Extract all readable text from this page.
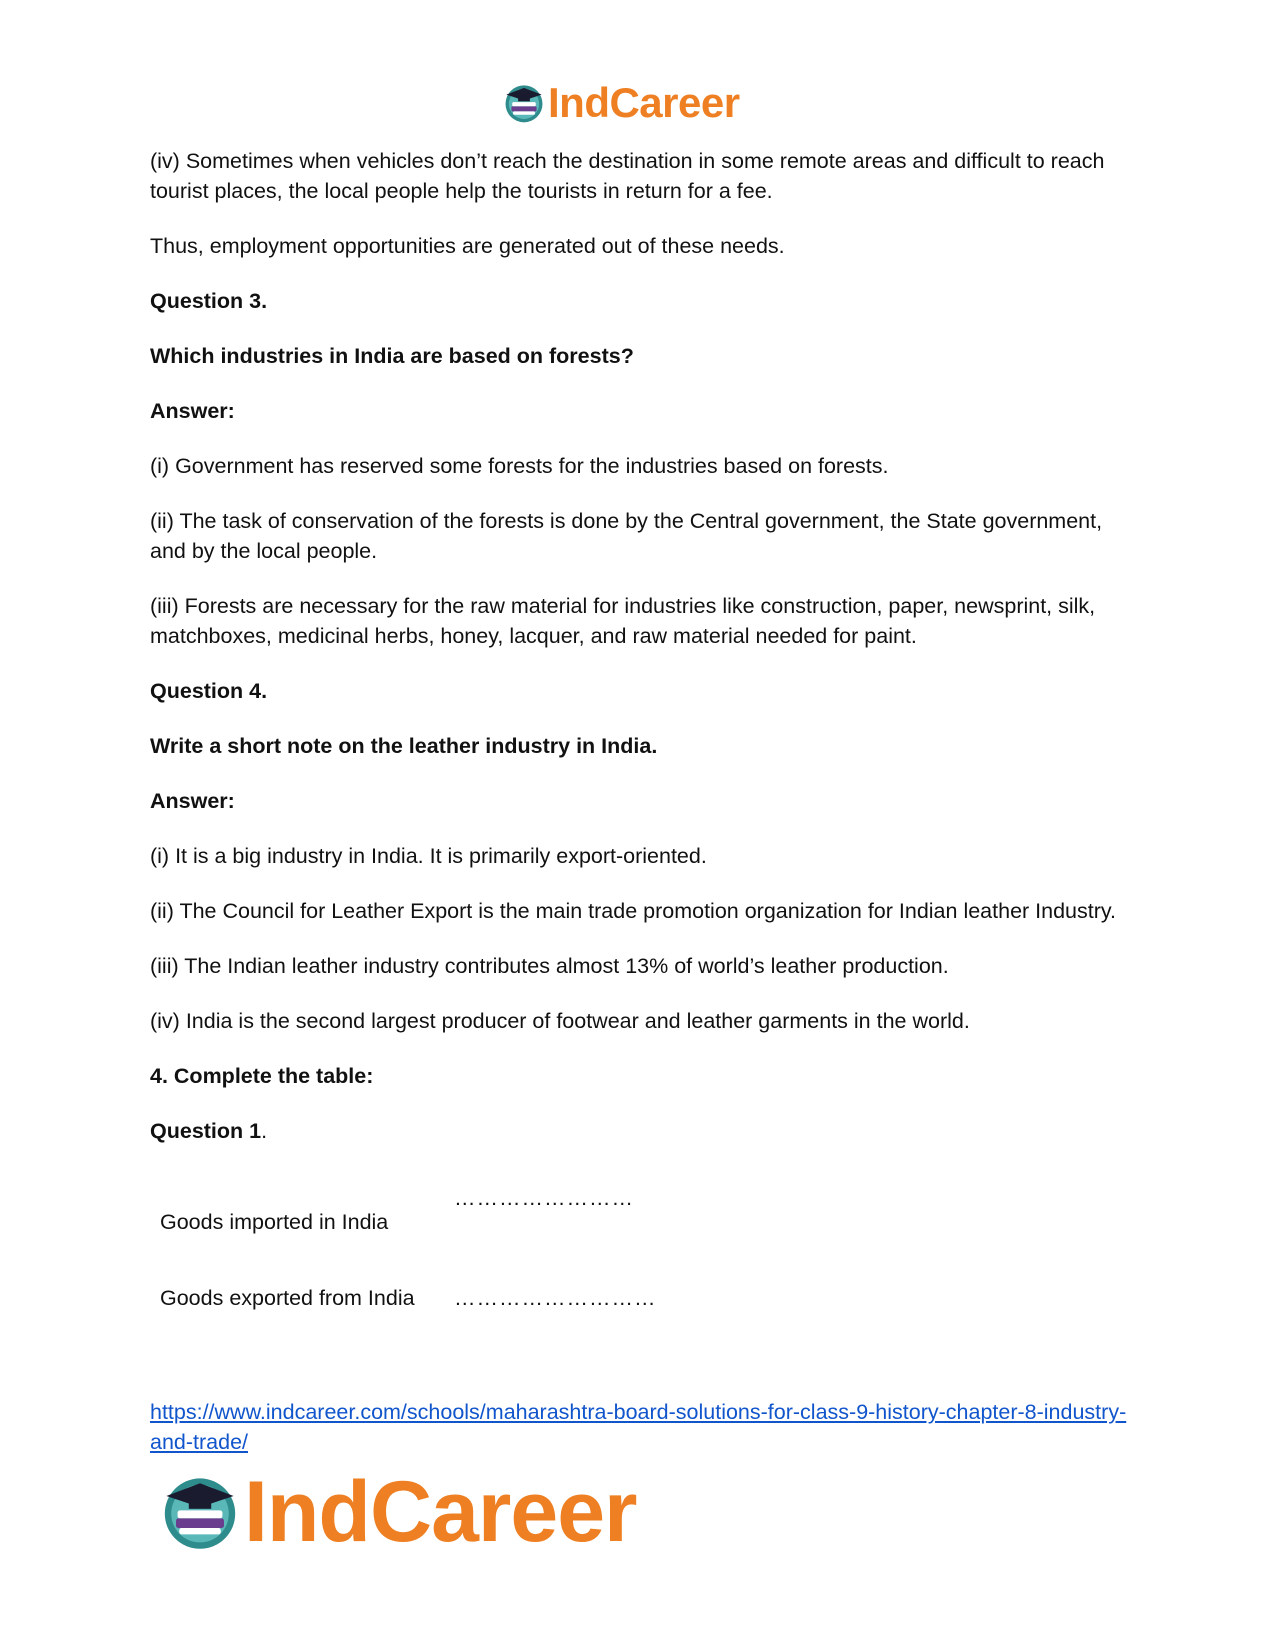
IndCareer

(iv) Sometimes when vehicles don’t reach the destination in some remote areas and difficult to reach tourist places, the local people help the tourists in return for a fee.

Thus, employment opportunities are generated out of these needs.

Question 3.

Which industries in India are based on forests?

Answer:

(i) Government has reserved some forests for the industries based on forests.

(ii) The task of conservation of the forests is done by the Central government, the State government, and by the local people.

(iii) Forests are necessary for the raw material for industries like construction, paper, newsprint, silk, matchboxes, medicinal herbs, honey, lacquer, and raw material needed for paint.

Question 4.

Write a short note on the leather industry in India.

Answer:

(i) It is a big industry in India. It is primarily export-oriented.

(ii) The Council for Leather Export is the main trade promotion organization for Indian leather Industry.

(iii) The Indian leather industry contributes almost 13% of world’s leather production.

(iv) India is the second largest producer of footwear and leather garments in the world.

4. Complete the table:

Question 1.

……………………
Goods imported in India
Goods exported from India ………………………
https://www.indcareer.com/schools/maharashtra-board-solutions-for-class-9-history-chapter-8-industry-and-trade/
IndCareer
